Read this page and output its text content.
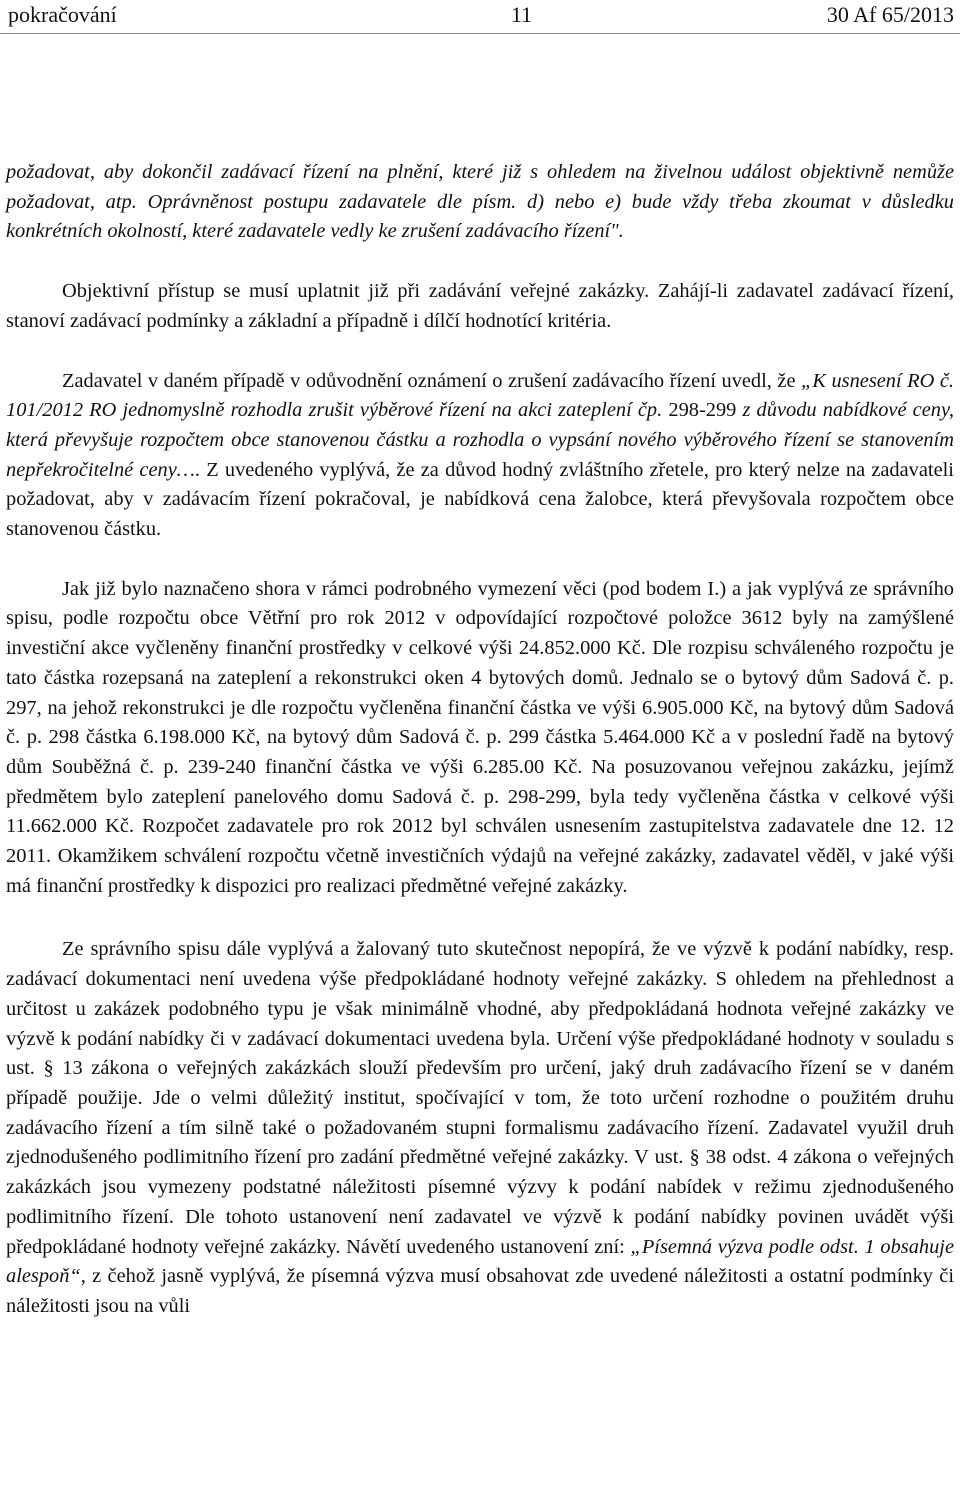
pokračování	11	30 Af 65/2013

požadovat, aby dokončil zadávací řízení na plnění, které již s ohledem na živelnou událost objektivně nemůže požadovat, atp. Oprávněnost postupu zadavatele dle písm. d) nebo e) bude vždy třeba zkoumat v důsledku konkrétních okolností, které zadavatele vedly ke zrušení zadávacího řízení".

Objektivní přístup se musí uplatnit již při zadávání veřejné zakázky. Zahájí-li zadavatel zadávací řízení, stanoví zadávací podmínky a základní a případně i dílčí hodnotící kritéria.

Zadavatel v daném případě v odůvodnění oznámení o zrušení zadávacího řízení uvedl, že „K usnesení RO č. 101/2012 RO jednomyslně rozhodla zrušit výběrové řízení na akci zateplení čp. 298-299 z důvodu nabídkové ceny, která převyšuje rozpočtem obce stanovenou částku a rozhodla o vypsání nového výběrového řízení se stanovením nepřekročitelné ceny…. Z uvedeného vyplývá, že za důvod hodný zvláštního zřetele, pro který nelze na zadavateli požadovat, aby v zadávacím řízení pokračoval, je nabídková cena žalobce, která převyšovala rozpočtem obce stanovenou částku.

Jak již bylo naznačeno shora v rámci podrobného vymezení věci (pod bodem I.) a jak vyplývá ze správního spisu, podle rozpočtu obce Větřní pro rok 2012 v odpovídající rozpočtové položce 3612 byly na zamýšlené investiční akce vyčleněny finanční prostředky v celkové výši 24.852.000 Kč. Dle rozpisu schváleného rozpočtu je tato částka rozepsaná na zateplení a rekonstrukci oken 4 bytových domů. Jednalo se o bytový dům Sadová č. p. 297, na jehož rekonstrukci je dle rozpočtu vyčleněna finanční částka ve výši 6.905.000 Kč, na bytový dům Sadová č. p. 298 částka 6.198.000 Kč, na bytový dům Sadová č. p. 299 částka 5.464.000 Kč a v poslední řadě na bytový dům Souběžná č. p. 239-240 finanční částka ve výši 6.285.00 Kč. Na posuzovanou veřejnou zakázku, jejímž předmětem bylo zateplení panelového domu Sadová č. p. 298-299, byla tedy vyčleněna částka v celkové výši 11.662.000 Kč. Rozpočet zadavatele pro rok 2012 byl schválen usnesením zastupitelstva zadavatele dne 12. 12 2011. Okamžikem schválení rozpočtu včetně investičních výdajů na veřejné zakázky, zadavatel věděl, v jaké výši má finanční prostředky k dispozici pro realizaci předmětné veřejné zakázky.

Ze správního spisu dále vyplývá a žalovaný tuto skutečnost nepopírá, že ve výzvě k podání nabídky, resp. zadávací dokumentaci není uvedena výše předpokládané hodnoty veřejné zakázky. S ohledem na přehlednost a určitost u zakázek podobného typu je však minimálně vhodné, aby předpokládaná hodnota veřejné zakázky ve výzvě k podání nabídky či v zadávací dokumentaci uvedena byla. Určení výše předpokládané hodnoty v souladu s ust. § 13 zákona o veřejných zakázkách slouží především pro určení, jaký druh zadávacího řízení se v daném případě použije. Jde o velmi důležitý institut, spočívající v tom, že toto určení rozhodne o použitém druhu zadávacího řízení a tím silně také o požadovaném stupni formalismu zadávacího řízení. Zadavatel využil druh zjednodušeného podlimitního řízení pro zadání předmětné veřejné zakázky. V ust. § 38 odst. 4 zákona o veřejných zakázkách jsou vymezeny podstatné náležitosti písemné výzvy k podání nabídek v režimu zjednodušeného podlimitního řízení. Dle tohoto ustanovení není zadavatel ve výzvě k podání nabídky povinen uvádět výši předpokládané hodnoty veřejné zakázky. Návětí uvedeného ustanovení zní: „Písemná výzva podle odst. 1 obsahuje alespoň“, z čehož jasně vyplývá, že písemná výzva musí obsahovat zde uvedené náležitosti a ostatní podmínky či náležitosti jsou na vůli
